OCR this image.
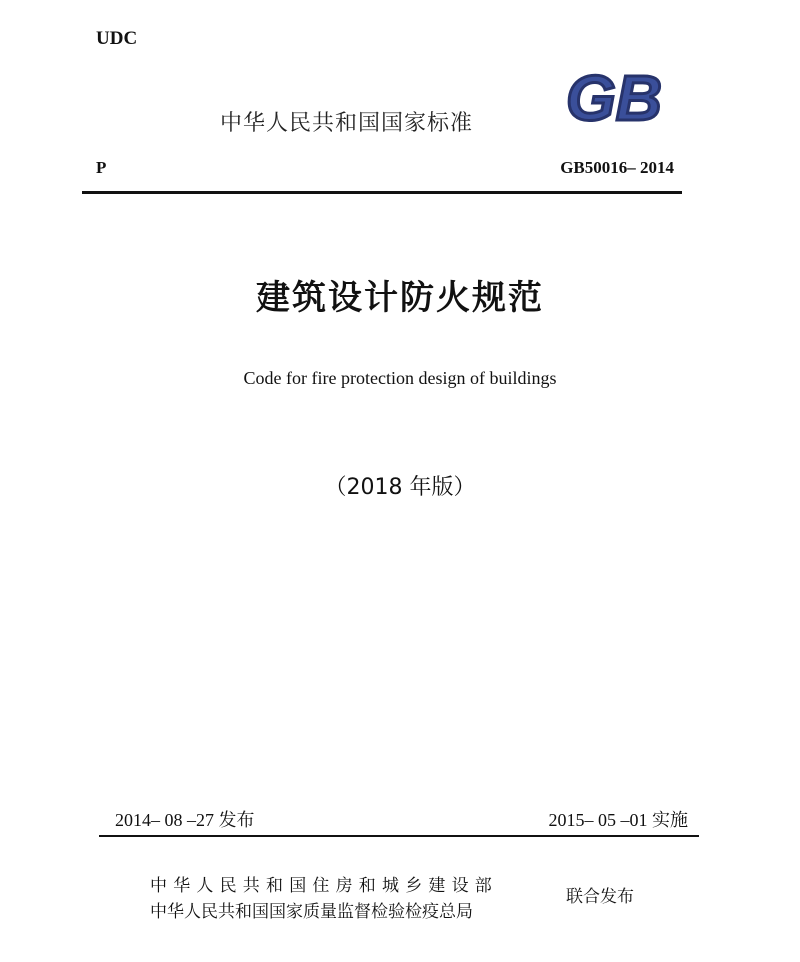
UDC
中华人民共和国国家标准 GB
P	GB50016– 2014
建筑设计防火规范
Code for fire protection design of buildings
（2018 年版）
2014– 08 –27 发布	2015– 05 –01 实施
中华人民共和国住房和城乡建设部
中华人民共和国国家质量监督检验检疫总局
联合发布
